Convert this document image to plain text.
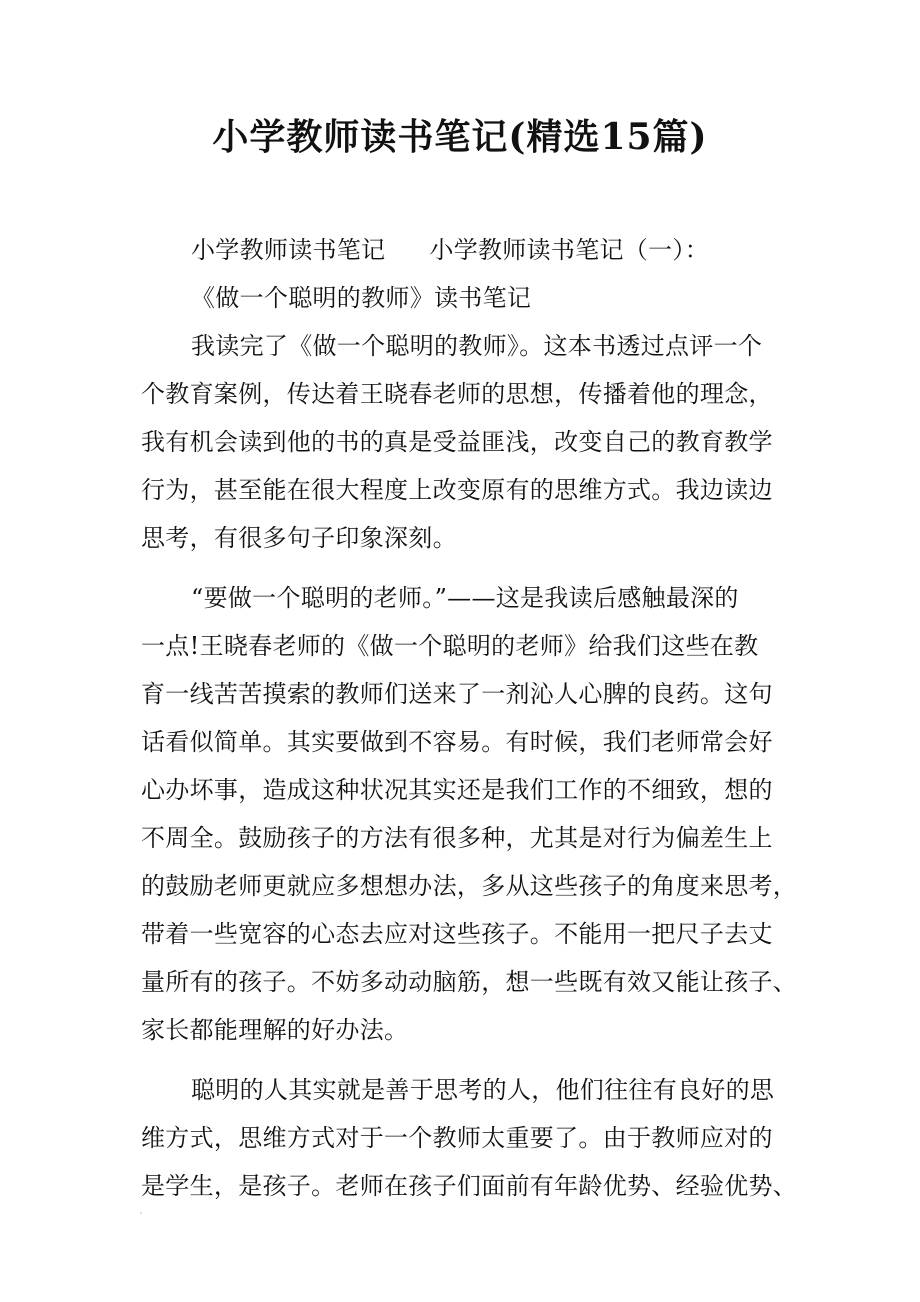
小学教师读书笔记(精选15篇)
小学教师读书笔记 小学教师读书笔记（一）：
《做一个聪明的教师》读书笔记
我读完了《做一个聪明的教师》。这本书透过点评一个
个教育案例，传达着王晓春老师的思想，传播着他的理念，
我有机会读到他的书的真是受益匪浅，改变自己的教育教学
行为，甚至能在很大程度上改变原有的思维方式。我边读边
思考，有很多句子印象深刻。
“要做一个聪明的老师。”——这是我读后感触最深的
一点!王晓春老师的《做一个聪明的老师》给我们这些在教
育一线苦苦摸索的教师们送来了一剂沁人心脾的良药。这句
话看似简单。其实要做到不容易。有时候，我们老师常会好
心办坏事，造成这种状况其实还是我们工作的不细致，想的
不周全。鼓励孩子的方法有很多种，尤其是对行为偏差生上
的鼓励老师更就应多想想办法，多从这些孩子的角度来思考，
带着一些宽容的心态去应对这些孩子。不能用一把尺子去丈
量所有的孩子。不妨多动动脑筋，想一些既有效又能让孩子、
家长都能理解的好办法。
聪明的人其实就是善于思考的人，他们往往有良好的思
维方式，思维方式对于一个教师太重要了。由于教师应对的
是学生，是孩子。老师在孩子们面前有年龄优势、经验优势、
